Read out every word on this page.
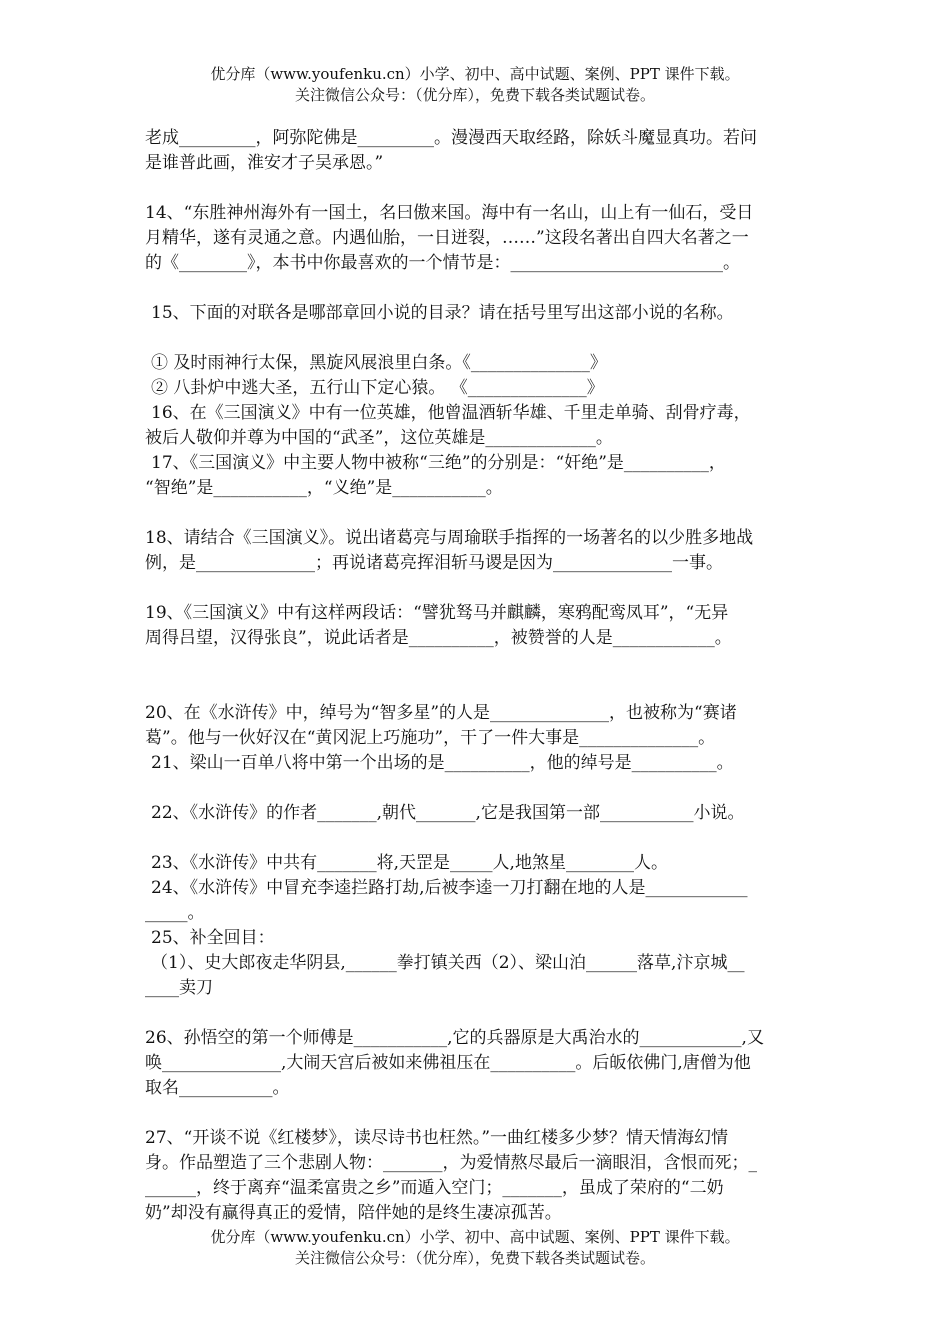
优分库（www.youfenku.cn）小学、初中、高中试题、案例、PPT 课件下载。
关注微信公众号：（优分库），免费下载各类试题试卷。

老成_________，阿弥陀佛是_________。漫漫西天取经路，除妖斗魔显真功。若问

是谁普此画，淮安才子吴承恩。”

14、“东胜神州海外有一国土，名曰傲来国。海中有一名山，山上有一仙石，受日

月精华，遂有灵通之意。内遇仙胎，一日迸裂，……”这段名著出自四大名著之一

的《________》，本书中你最喜欢的一个情节是：_________________________。

15、下面的对联各是哪部章回小说的目录？请在括号里写出这部小说的名称。

① 及时雨神行太保，黑旋风展浪里白条。《______________》

② 八卦炉中逃大圣，五行山下定心猿。 《______________》

16、在《三国演义》中有一位英雄，他曾温酒斩华雄、千里走单骑、刮骨疗毒，

被后人敬仰并尊为中国的“武圣”，这位英雄是_____________。

17、《三国演义》中主要人物中被称“三绝”的分别是：“奸绝”是__________，

“智绝”是___________，“义绝”是___________。

18、请结合《三国演义》。说出诸葛亮与周瑜联手指挥的一场著名的以少胜多地战

例，是______________；再说诸葛亮挥泪斩马谡是因为______________一事。

19、《三国演义》中有这样两段话：“譬犹驽马并麒麟，寒鸦配鸾凤耳”，“无异

周得吕望，汉得张良”，说此话者是__________，被赞誉的人是____________。

20、在《水浒传》中，绰号为“智多星”的人是______________，也被称为“赛诸

葛”。他与一伙好汉在“黄冈泥上巧施功”，干了一件大事是______________。

21、梁山一百单八将中第一个出场的是__________，他的绰号是__________。

22、《水浒传》的作者_______,朝代_______,它是我国第一部___________小说。

23、《水浒传》中共有_______将,天罡是_____人,地煞星________人。

24、《水浒传》中冒充李逵拦路打劫,后被李逵一刀打翻在地的人是____________

_____。

25、补全回目：

（1）、史大郎夜走华阴县,______拳打镇关西（2）、梁山泊______落草,汴京城__

____卖刀

26、孙悟空的第一个师傅是___________,它的兵器原是大禹治水的____________,又

唤______________,大闹天宫后被如来佛祖压在__________。后皈依佛门,唐僧为他

取名___________。

27、“开谈不说《红楼梦》，读尽诗书也枉然。”一曲红楼多少梦？情天情海幻情

身。作品塑造了三个悲剧人物：_______，为爱情熬尽最后一滴眼泪，含恨而死；_

______，终于离弃“温柔富贵之乡”而遁入空门；_______，虽成了荣府的“二奶

奶”却没有赢得真正的爱情，陪伴她的是终生凄凉孤苦。

优分库（www.youfenku.cn）小学、初中、高中试题、案例、PPT 课件下载。
关注微信公众号：（优分库），免费下载各类试题试卷。
